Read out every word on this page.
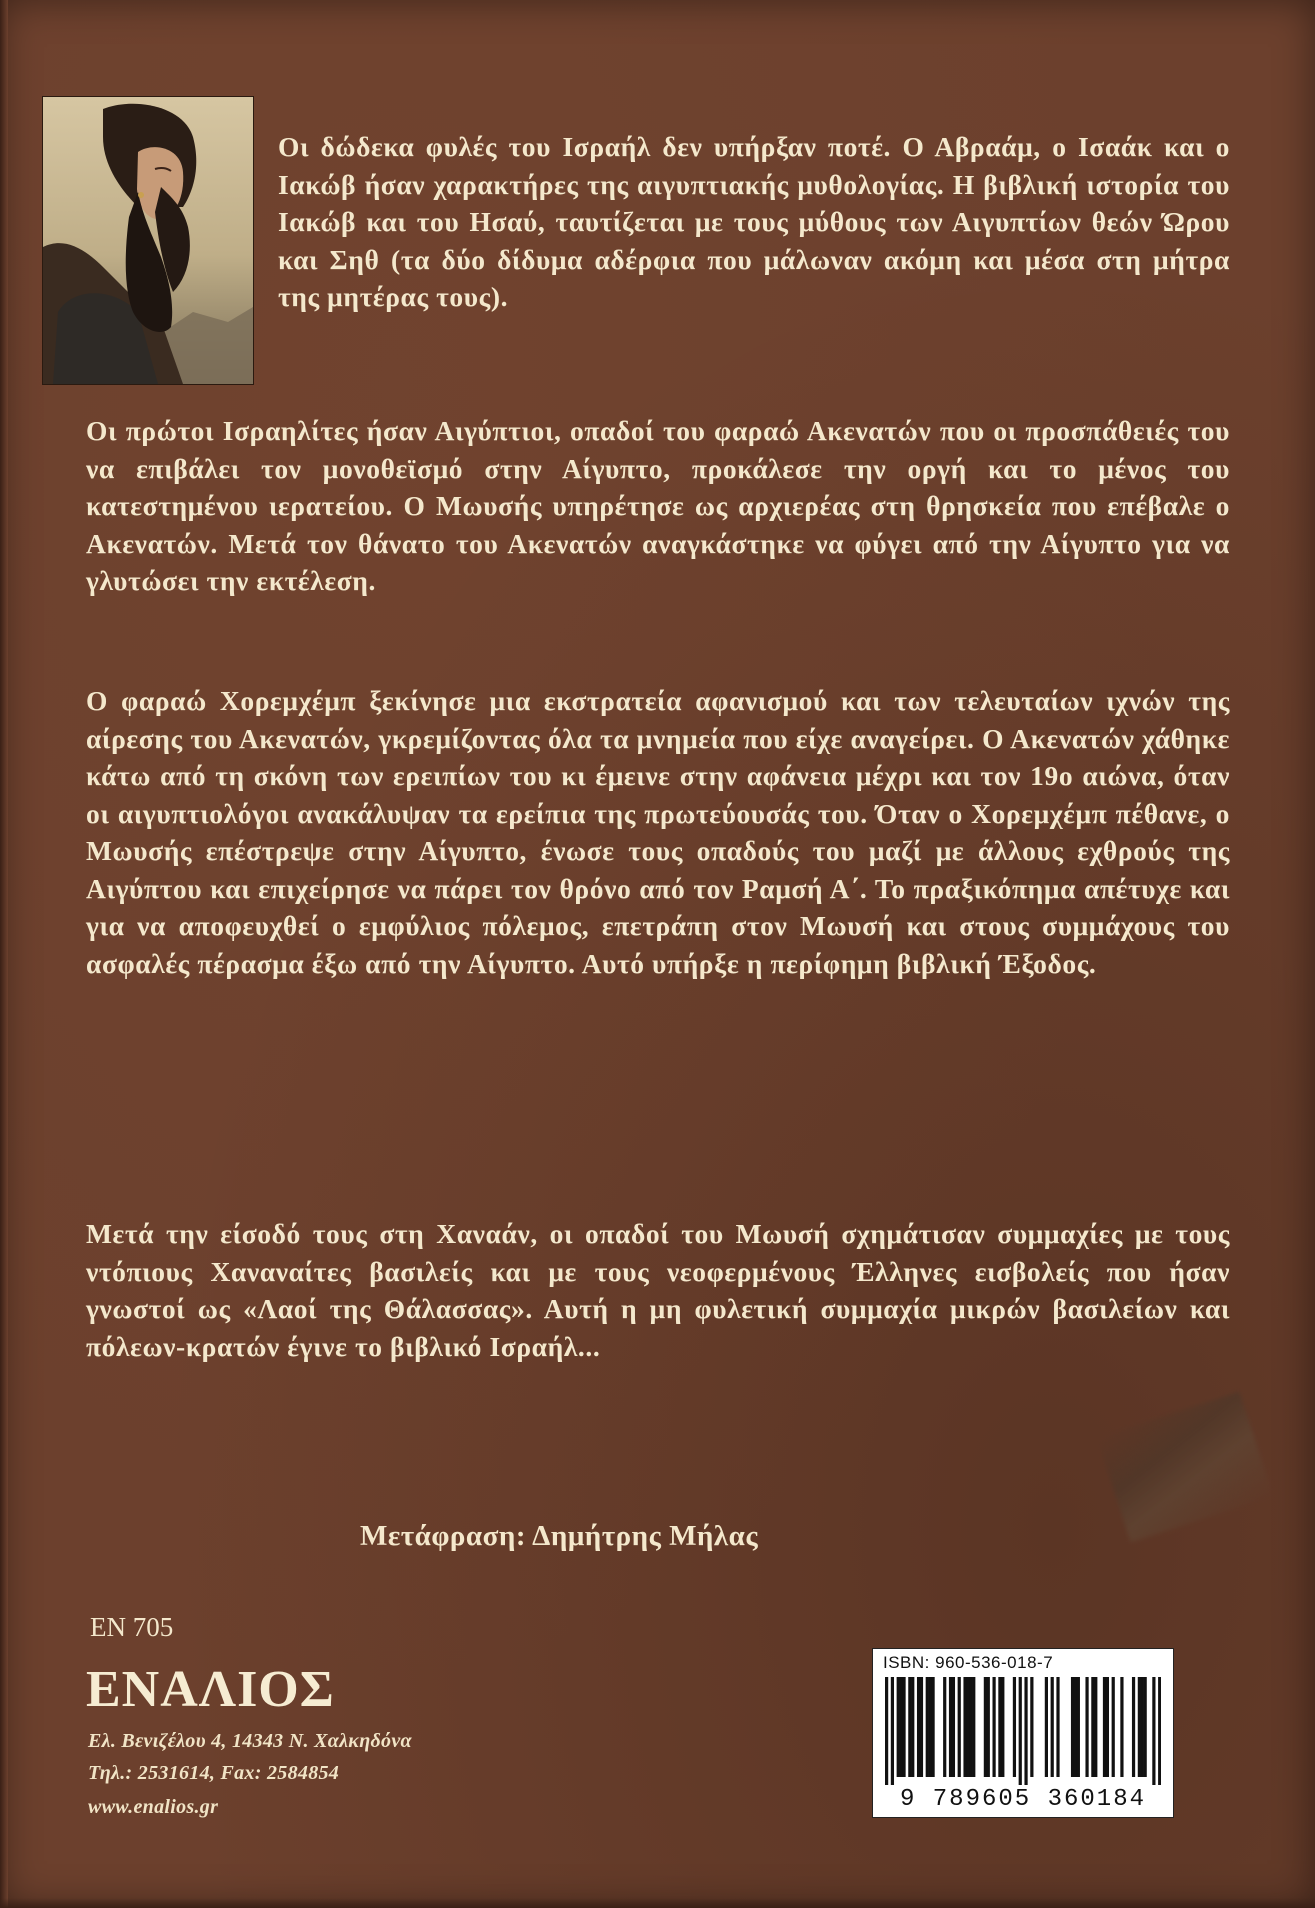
Οι δώδεκα φυλές του Ισραήλ δεν υπήρξαν ποτέ. Ο Αβραάμ, ο Ισαάκ και ο Ιακώβ ήσαν χαρακτήρες της αιγυπτιακής μυθολογίας. Η βιβλική ιστορία του Ιακώβ και του Ησαύ, ταυτίζεται με τους μύθους των Αιγυπτίων θεών Ώρου και Σηθ (τα δύο δίδυμα αδέρφια που μάλωναν ακόμη και μέσα στη μήτρα της μητέρας τους).

Οι πρώτοι Ισραηλίτες ήσαν Αιγύπτιοι, οπαδοί του φαραώ Ακενατών που οι προσπάθειές του να επιβάλει τον μονοθεϊσμό στην Αίγυπτο, προκάλεσε την οργή και το μένος του κατεστημένου ιερατείου. Ο Μωυσής υπηρέτησε ως αρχιερέας στη θρησκεία που επέβαλε ο Ακενατών. Μετά τον θάνατο του Ακενατών αναγκάστηκε να φύγει από την Αίγυπτο για να γλυτώσει την εκτέλεση.

Ο φαραώ Χορεμχέμπ ξεκίνησε μια εκστρατεία αφανισμού και των τελευταίων ιχνών της αίρεσης του Ακενατών, γκρεμίζοντας όλα τα μνημεία που είχε αναγείρει. Ο Ακενατών χάθηκε κάτω από τη σκόνη των ερειπίων του κι έμεινε στην αφάνεια μέχρι και τον 19ο αιώνα, όταν οι αιγυπτιολόγοι ανακάλυψαν τα ερείπια της πρωτεύουσάς του. Όταν ο Χορεμχέμπ πέθανε, ο Μωυσής επέστρεψε στην Αίγυπτο, ένωσε τους οπαδούς του μαζί με άλλους εχθρούς της Αιγύπτου και επιχείρησε να πάρει τον θρόνο από τον Ραμσή Α΄. Το πραξικόπημα απέτυχε και για να αποφευχθεί ο εμφύλιος πόλεμος, επετράπη στον Μωυσή και στους συμμάχους του ασφαλές πέρασμα έξω από την Αίγυπτο. Αυτό υπήρξε η περίφημη βιβλική Έξοδος.

Μετά την είσοδό τους στη Χαναάν, οι οπαδοί του Μωυσή σχημάτισαν συμμαχίες με τους ντόπιους Χαναναίτες βασιλείς και με τους νεοφερμένους Έλληνες εισβολείς που ήσαν γνωστοί ως «Λαοί της Θάλασσας». Αυτή η μη φυλετική συμμαχία μικρών βασιλείων και πόλεων-κρατών έγινε το βιβλικό Ισραήλ...

Μετάφραση: Δημήτρης Μήλας
ΕΝ 705
ΕΝΑΛΙΟΣ
Ελ. Βενιζέλου 4, 14343 Ν. Χαλκηδόνα
Τηλ.: 2531614, Fax: 2584854
www.enalios.gr
ISBN: 960-536-018-7
9 789605 360184
